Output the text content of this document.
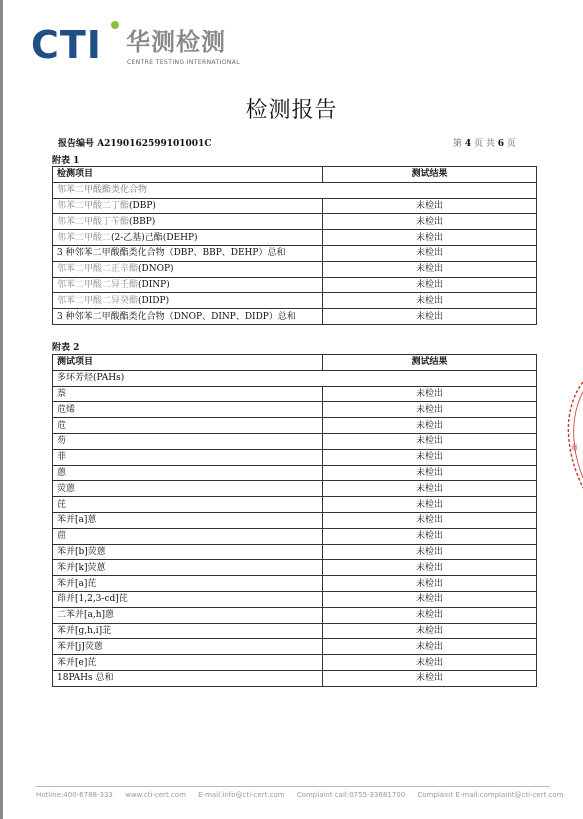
CTI 华测检测
CENTRE TESTING INTERNATIONAL
检测报告
报告编号 A2190162599101001C	第 4 页 共 6 页
附表 1
检测项目	测试结果
邻苯二甲酸酯类化合物	
邻苯二甲酸二丁酯(DBP)	未检出
邻苯二甲酸丁苄酯(BBP)	未检出
邻苯二甲酸二(2-乙基)己酯(DEHP)	未检出
3 种邻苯二甲酸酯类化合物（DBP、BBP、DEHP）总和	未检出
邻苯二甲酸二正辛酯(DNOP)	未检出
邻苯二甲酸二异壬酯(DINP)	未检出
邻苯二甲酸二异癸酯(DIDP)	未检出
3 种邻苯二甲酸酯类化合物（DNOP、DINP、DIDP）总和	未检出
附表 2
测试项目	测试结果
多环芳烃(PAHs)	
萘	未检出
苊烯	未检出
苊	未检出
芴	未检出
菲	未检出
蒽	未检出
荧蒽	未检出
芘	未检出
苯并[a]蒽	未检出
䓛	未检出
苯并[b]荧蒽	未检出
苯并[k]荧蒽	未检出
苯并[a]芘	未检出
茚并[1,2,3-cd]芘	未检出
二苯并[a,h]蒽	未检出
苯并[g,h,i]苝	未检出
苯并[j]荧蒽	未检出
苯并[e]芘	未检出
18PAHs 总和	未检出
章
Hotline:400-6788-333 www.cti-cert.com E-mail:info@cti-cert.com Complaint call:0755-33681700 Complaint E-mail:complaint@cti-cert.com
